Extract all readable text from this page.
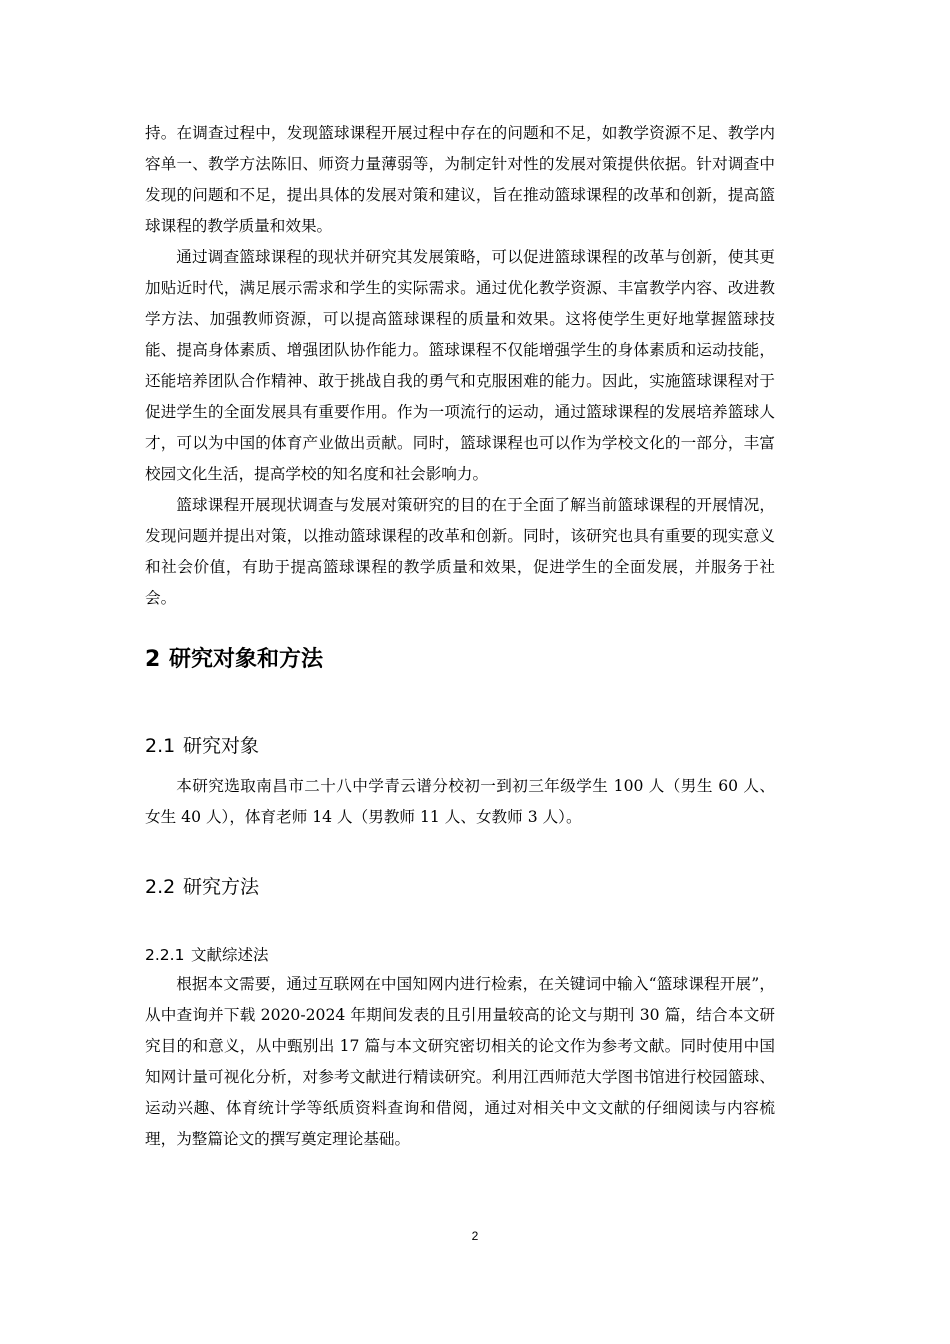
持。在调查过程中，发现篮球课程开展过程中存在的问题和不足，如教学资源不足、教学内容单一、教学方法陈旧、师资力量薄弱等，为制定针对性的发展对策提供依据。针对调查中发现的问题和不足，提出具体的发展对策和建议，旨在推动篮球课程的改革和创新，提高篮球课程的教学质量和效果。

通过调查篮球课程的现状并研究其发展策略，可以促进篮球课程的改革与创新，使其更加贴近时代，满足展示需求和学生的实际需求。通过优化教学资源、丰富教学内容、改进教学方法、加强教师资源，可以提高篮球课程的质量和效果。这将使学生更好地掌握篮球技能、提高身体素质、增强团队协作能力。篮球课程不仅能增强学生的身体素质和运动技能，还能培养团队合作精神、敢于挑战自我的勇气和克服困难的能力。因此，实施篮球课程对于促进学生的全面发展具有重要作用。作为一项流行的运动，通过篮球课程的发展培养篮球人才，可以为中国的体育产业做出贡献。同时，篮球课程也可以作为学校文化的一部分，丰富校园文化生活，提高学校的知名度和社会影响力。

篮球课程开展现状调查与发展对策研究的目的在于全面了解当前篮球课程的开展情况，发现问题并提出对策，以推动篮球课程的改革和创新。同时，该研究也具有重要的现实意义和社会价值，有助于提高篮球课程的教学质量和效果，促进学生的全面发展，并服务于社会。

2 研究对象和方法
2.1 研究对象

本研究选取南昌市二十八中学青云谱分校初一到初三年级学生 100 人（男生 60 人、女生 40 人），体育老师 14 人（男教师 11 人、女教师 3 人）。

2.2 研究方法
2.2.1 文献综述法

根据本文需要，通过互联网在中国知网内进行检索，在关键词中输入“篮球课程开展”，从中查询并下载 2020-2024 年期间发表的且引用量较高的论文与期刊 30 篇，结合本文研究目的和意义，从中甄别出 17 篇与本文研究密切相关的论文作为参考文献。同时使用中国知网计量可视化分析，对参考文献进行精读研究。利用江西师范大学图书馆进行校园篮球、运动兴趣、体育统计学等纸质资料查询和借阅，通过对相关中文文献的仔细阅读与内容梳理，为整篇论文的撰写奠定理论基础。

2
